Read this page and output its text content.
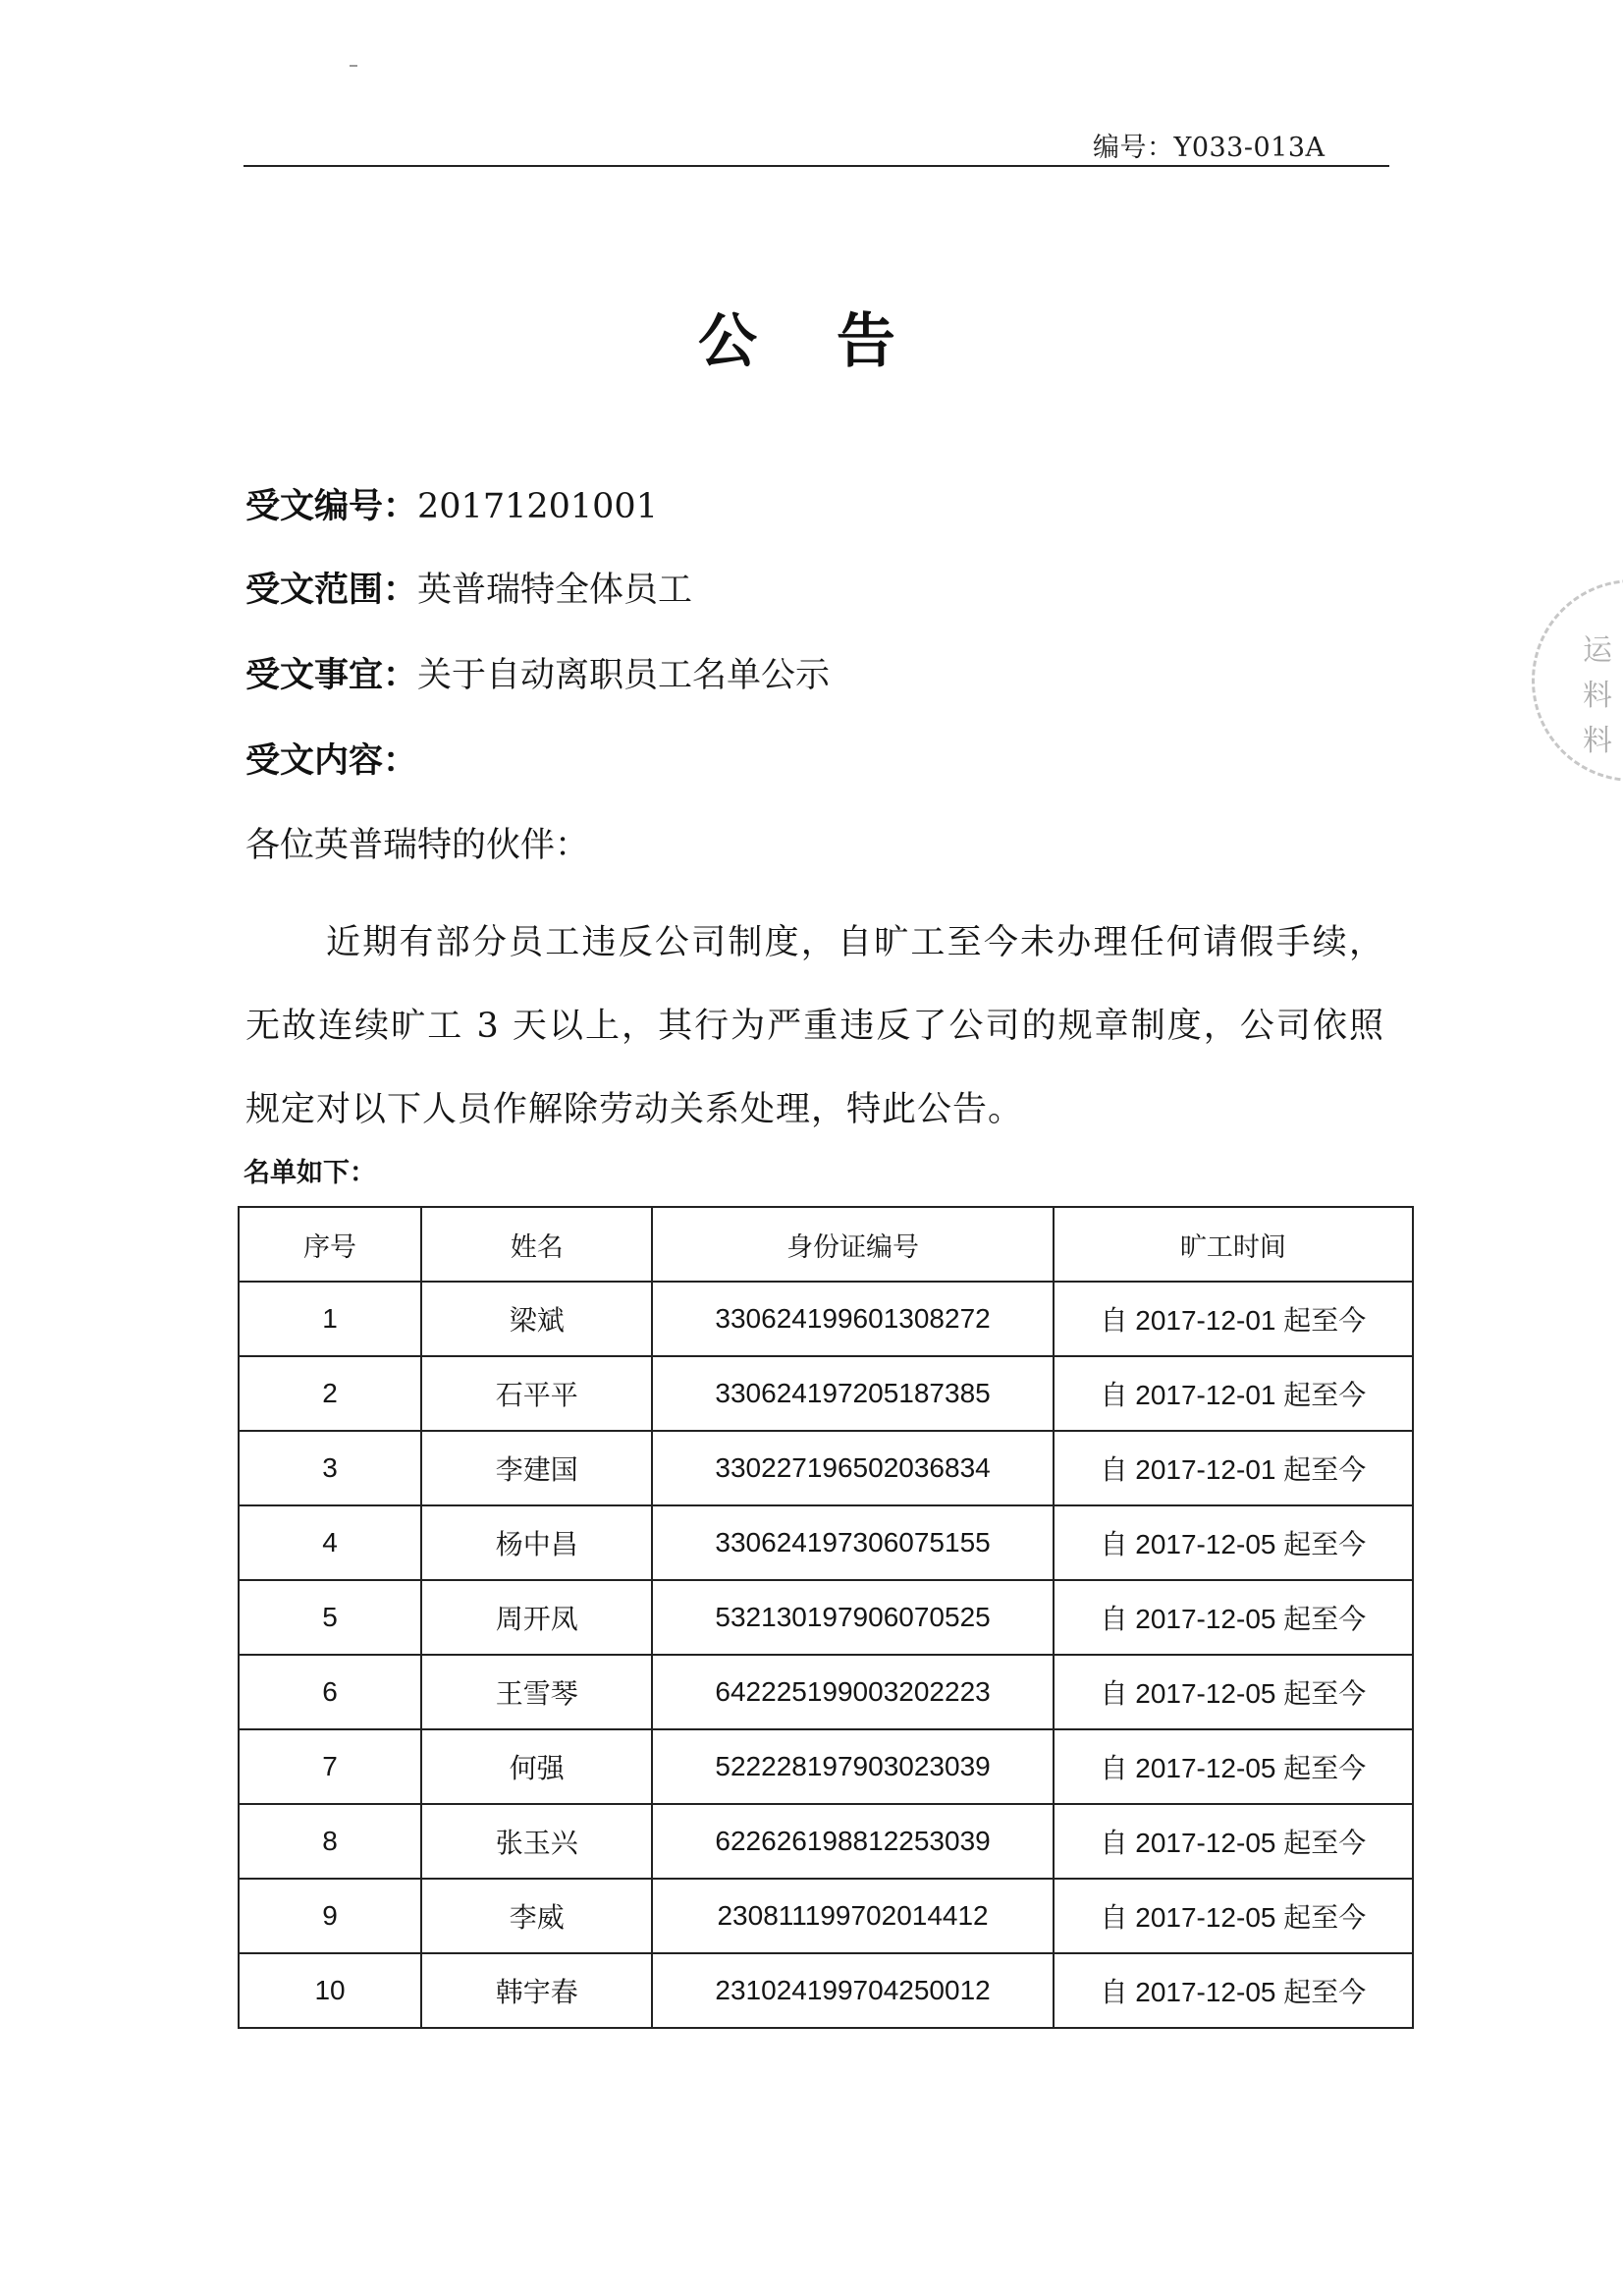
编号：Y033-013A
公 告
受文编号：20171201001
受文范围：英普瑞特全体员工
受文事宜：关于自动离职员工名单公示
受文内容：
各位英普瑞特的伙伴：
近期有部分员工违反公司制度，自旷工至今未办理任何请假手续，无故连续旷工 3 天以上，其行为严重违反了公司的规章制度，公司依照规定对以下人员作解除劳动关系处理，特此公告。
名单如下：
序号	姓名	身份证编号	旷工时间
1	梁斌	330624199601308272	自 2017-12-01 起至今
2	石平平	330624197205187385	自 2017-12-01 起至今
3	李建国	330227196502036834	自 2017-12-01 起至今
4	杨中昌	330624197306075155	自 2017-12-05 起至今
5	周开凤	532130197906070525	自 2017-12-05 起至今
6	王雪琴	642225199003202223	自 2017-12-05 起至今
7	何强	522228197903023039	自 2017-12-05 起至今
8	张玉兴	622626198812253039	自 2017-12-05 起至今
9	李威	230811199702014412	自 2017-12-05 起至今
10	韩宇春	231024199704250012	自 2017-12-05 起至今
运
料
料
